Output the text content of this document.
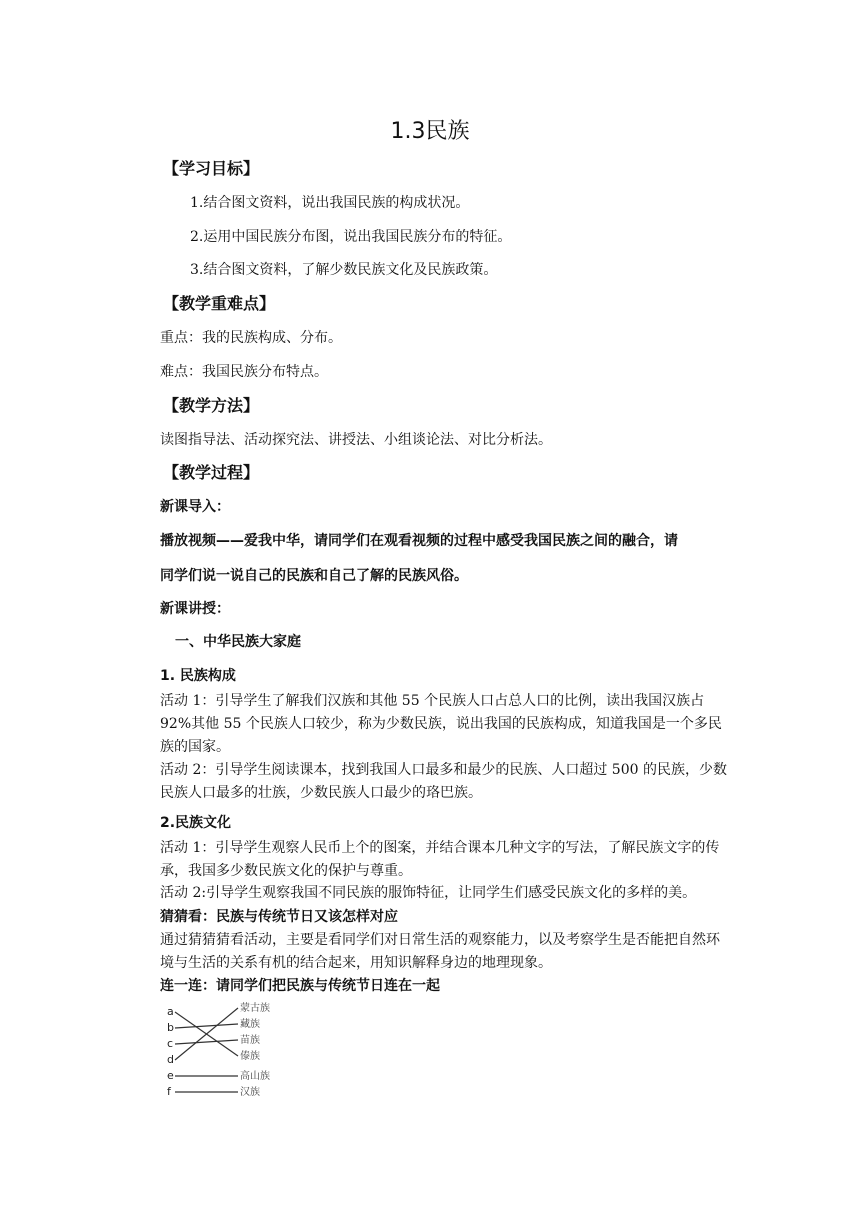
1.3民族
【学习目标】
1.结合图文资料，说出我国民族的构成状况。
2.运用中国民族分布图，说出我国民族分布的特征。
3.结合图文资料，了解少数民族文化及民族政策。
【教学重难点】
重点：我的民族构成、分布。
难点：我国民族分布特点。
【教学方法】
读图指导法、活动探究法、讲授法、小组谈论法、对比分析法。
【教学过程】
新课导入：
播放视频——爱我中华，请同学们在观看视频的过程中感受我国民族之间的融合，请
同学们说一说自己的民族和自己了解的民族风俗。
新课讲授：
一、中华民族大家庭
1. 民族构成
活动 1：引导学生了解我们汉族和其他 55 个民族人口占总人口的比例，读出我国汉族占 92%其他 55 个民族人口较少，称为少数民族，说出我国的民族构成，知道我国是一个多民族的国家。
活动 2：引导学生阅读课本，找到我国人口最多和最少的民族、人口超过 500 的民族，少数民族人口最多的壮族，少数民族人口最少的珞巴族。
2.民族文化
活动 1：引导学生观察人民币上个的图案，并结合课本几种文字的写法，了解民族文字的传承，我国多少数民族文化的保护与尊重。
活动 2:引导学生观察我国不同民族的服饰特征，让同学生们感受民族文化的多样的美。
猜猜看：民族与传统节日又该怎样对应
通过猜猜猜看活动，主要是看同学们对日常生活的观察能力，以及考察学生是否能把自然环境与生活的关系有机的结合起来，用知识解释身边的地理现象。
连一连：请同学们把民族与传统节日连在一起
a
b
c
d
e
f
蒙古族
藏族
苗族
傣族
高山族
汉族
